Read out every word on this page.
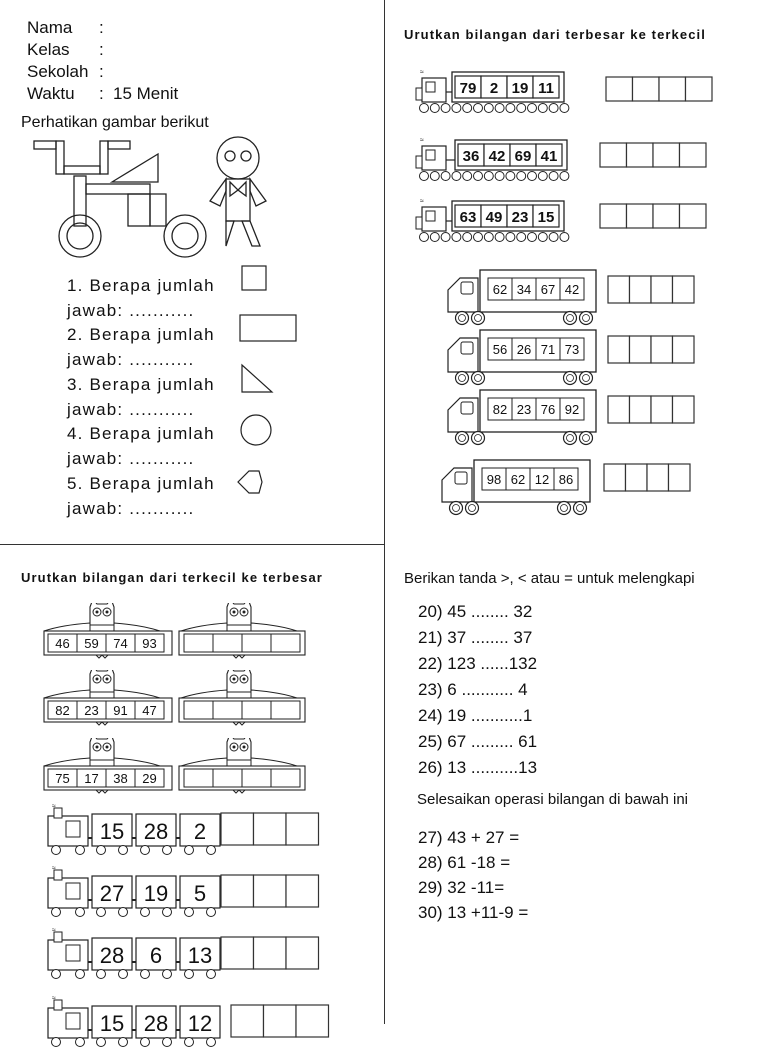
Nama :
Kelas :
Sekolah :
Waktu : 15 Menit
Perhatikan gambar berikut
1. Berapa jumlah
jawab: ...........
2. Berapa jumlah
jawab: ...........
3. Berapa jumlah
jawab: ...........
4. Berapa jumlah
jawab: ...........
5. Berapa jumlah
jawab: ...........
Urutkan bilangan dari terbesar ke terkecil
≈
79 2 19 11
≈
36 42 69 41
≈
63 49 23 15
62 34 67 42
56 26 71 73
82 23 76 92
98 62 12 86
Urutkan bilangan dari terkecil ke terbesar
46 59 74 93
82 23 91 47
75 17 38 29
≈
15 28 2
≈
27 19 5
≈
28 6 13
≈
15 28 12
Berikan tanda >, < atau = untuk melengkapi
20) 45 ........ 32
21) 37 ........ 37
22) 123 ......132
23) 6 ........... 4
24) 19 ...........1
25) 67 ......... 61
26) 13 ..........13
Selesaikan operasi bilangan di bawah ini
27) 43 + 27 =
28) 61 -18 =
29) 32 -11=
30) 13 +11-9 =
